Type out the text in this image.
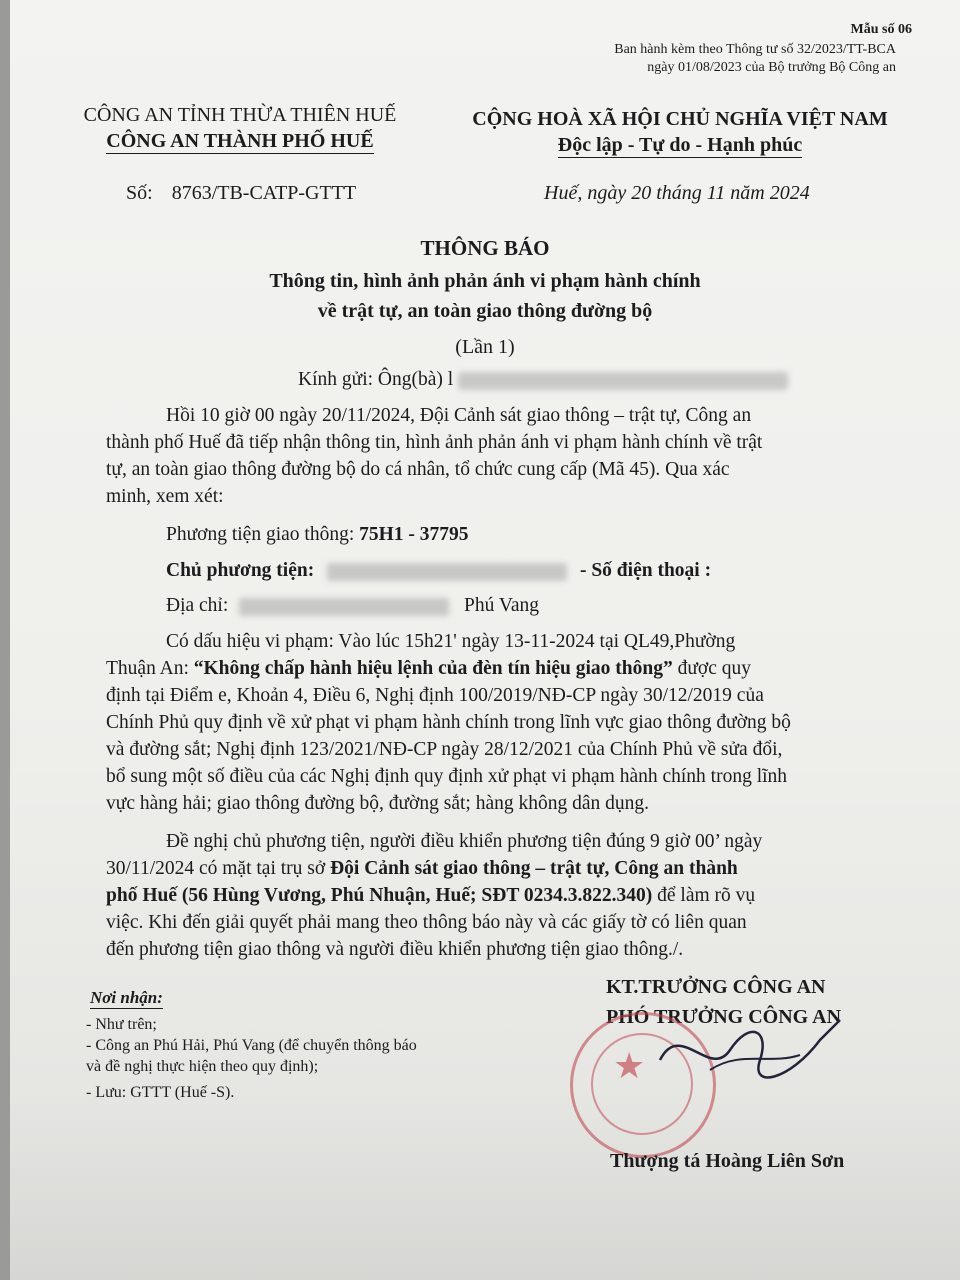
Mẫu số 06
Ban hành kèm theo Thông tư số 32/2023/TT-BCA
ngày 01/08/2023 của Bộ trưởng Bộ Công an
CÔNG AN TỈNH THỪA THIÊN HUẾ
CÔNG AN THÀNH PHỐ HUẾ
Số: 8763/TB-CATP-GTTT
CỘNG HOÀ XÃ HỘI CHỦ NGHĨA VIỆT NAM
Độc lập - Tự do - Hạnh phúc
Huế, ngày 20 tháng 11 năm 2024
THÔNG BÁO
Thông tin, hình ảnh phản ánh vi phạm hành chính
về trật tự, an toàn giao thông đường bộ
(Lần 1)
Kính gửi: Ông(bà) l
Hồi 10 giờ 00 ngày 20/11/2024, Đội Cảnh sát giao thông – trật tự, Công an
thành phố Huế đã tiếp nhận thông tin, hình ảnh phản ánh vi phạm hành chính về trật
tự, an toàn giao thông đường bộ do cá nhân, tổ chức cung cấp (Mã 45). Qua xác
minh, xem xét:
Phương tiện giao thông: 75H1 - 37795
Chủ phương tiện:	- Số điện thoại :
Địa chỉ:	Phú Vang
Có dấu hiệu vi phạm: Vào lúc 15h21' ngày 13-11-2024 tại QL49,Phường
Thuận An: “Không chấp hành hiệu lệnh của đèn tín hiệu giao thông” được quy
định tại Điểm e, Khoản 4, Điều 6, Nghị định 100/2019/NĐ-CP ngày 30/12/2019 của
Chính Phủ quy định về xử phạt vi phạm hành chính trong lĩnh vực giao thông đường bộ
và đường sắt; Nghị định 123/2021/NĐ-CP ngày 28/12/2021 của Chính Phủ về sửa đổi,
bổ sung một số điều của các Nghị định quy định xử phạt vi phạm hành chính trong lĩnh
vực hàng hải; giao thông đường bộ, đường sắt; hàng không dân dụng.
Đề nghị chủ phương tiện, người điều khiển phương tiện đúng 9 giờ 00’ ngày
30/11/2024 có mặt tại trụ sở Đội Cảnh sát giao thông – trật tự, Công an thành
phố Huế (56 Hùng Vương, Phú Nhuận, Huế; SĐT 0234.3.822.340) để làm rõ vụ
việc. Khi đến giải quyết phải mang theo thông báo này và các giấy tờ có liên quan
đến phương tiện giao thông và người điều khiển phương tiện giao thông./.
Nơi nhận:
- Như trên;
- Công an Phú Hải, Phú Vang (để chuyển thông báo
và đề nghị thực hiện theo quy định);
- Lưu: GTTT (Huế -S).
KT.TRƯỞNG CÔNG AN
PHÓ TRƯỞNG CÔNG AN
★
Thượng tá Hoàng Liên Sơn
